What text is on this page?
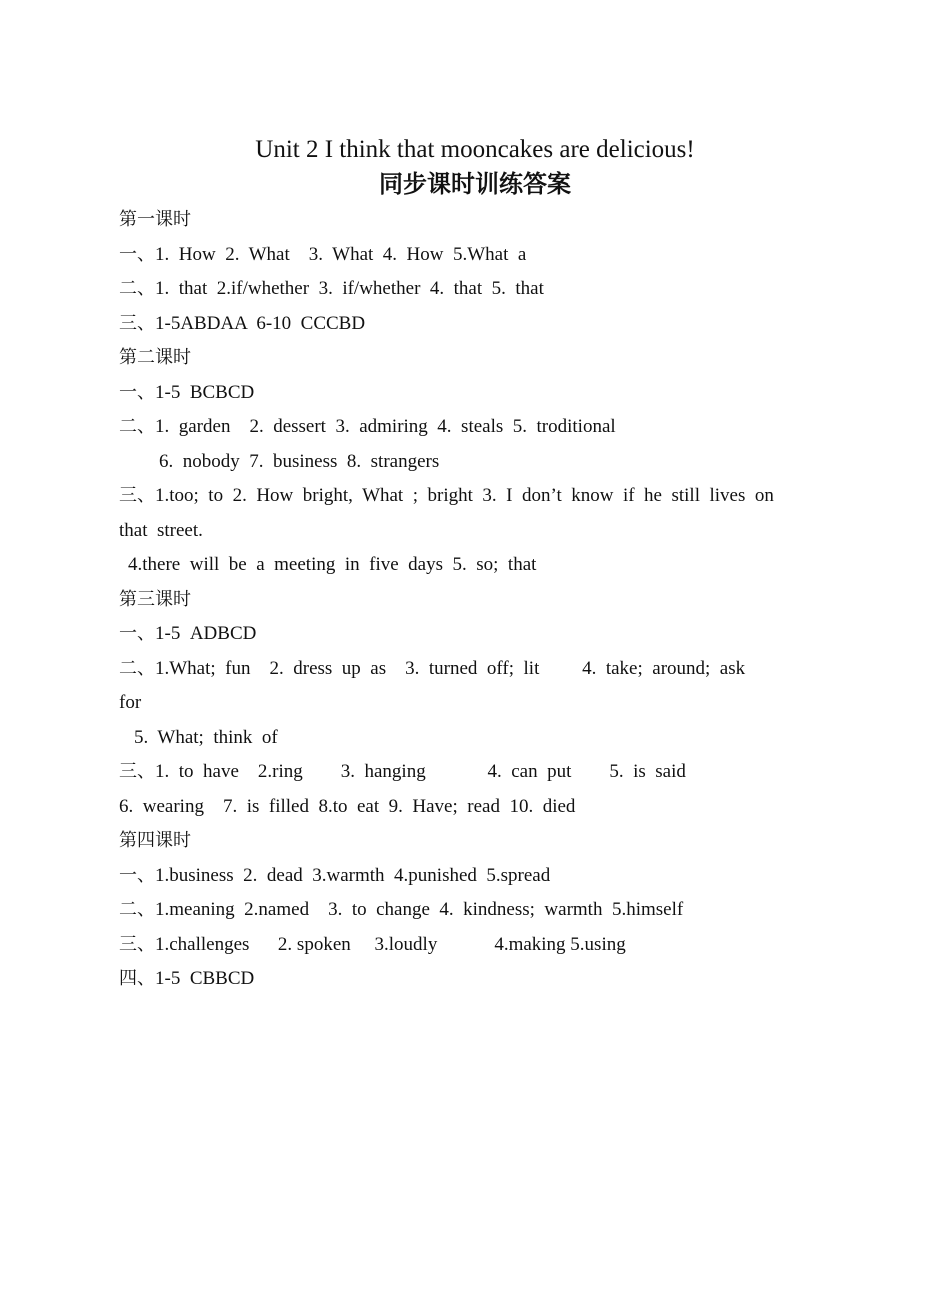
Unit 2 I think that mooncakes are delicious!
同步课时训练答案
第一课时
一、1.  How  2.  What    3.  What  4.  How  5.What  a
二、1.  that  2.if/whether  3.  if/whether  4.  that  5.  that
三、1-5ABDAA  6-10  CCCBD
第二课时
一、1-5  BCBCD
二、1.  garden    2.  dessert  3.  admiring  4.  steals  5.  troditional
6.  nobody  7.  business  8.  strangers
三、1.too;  to  2.  How  bright,  What  ;  bright  3.  I  don’t  know  if  he  still  lives  on
that  street.
4.there  will  be  a  meeting  in  five  days  5.  so;  that
第三课时
一、1-5  ADBCD
二、1.What;  fun    2.  dress  up  as    3.  turned  off;  lit         4.  take;  around;  ask
for
5.  What;  think  of
三、1.  to  have    2.ring        3.  hanging             4.  can  put        5.  is  said
6.  wearing    7.  is  filled  8.to  eat  9.  Have;  read  10.  died
第四课时
一、1.business  2.  dead  3.warmth  4.punished  5.spread
二、1.meaning  2.named    3.  to  change  4.  kindness;  warmth  5.himself
三、1.challenges      2. spoken     3.loudly            4.making 5.using
四、1-5  CBBCD
